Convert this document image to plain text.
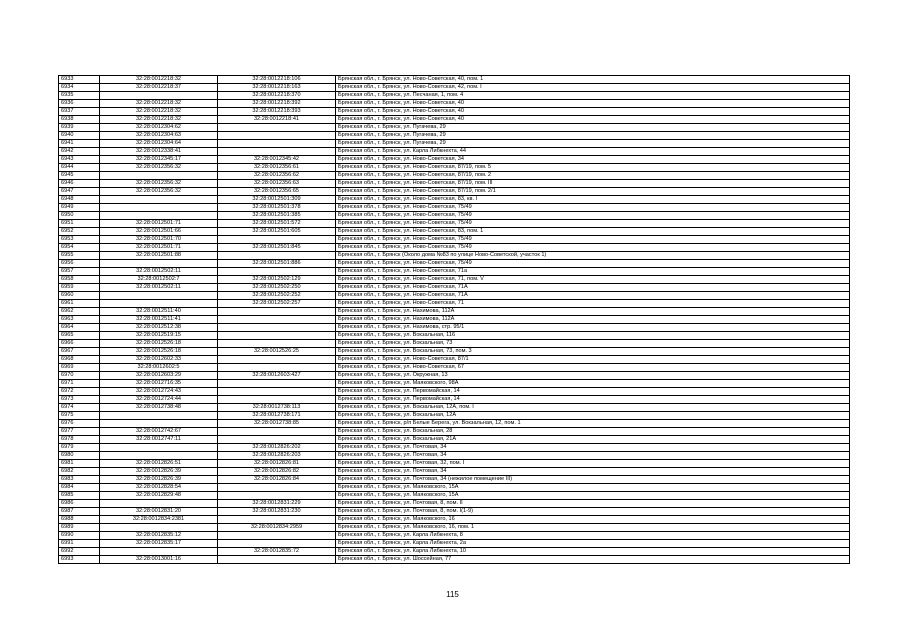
6933	32:28:0012218:32	32:28:0012218:106	Брянская обл., г. Брянск, ул. Ново-Советская, 40, пом. 1
6934	32:28:0012218:37	32:28:0012218:163	Брянская обл., г. Брянск, ул. Ново-Советская, 42, пом. I
6935		32:28:0012218:370	Брянская обл., г. Брянск, ул. Песчаная, 1, пом. 4
6936	32:28:0012218:32	32:28:0012218:392	Брянская обл., г. Брянск, ул. Ново-Советская, 40
6937	32:28:0012218:32	32:28:0012218:393	Брянская обл., г. Брянск, ул. Ново-Советская, 40
6938	32:28:0012218:32	32:28:0012218:41	Брянская обл., г. Брянск, ул. Ново-Советская, 40
6939	32:28:0012304:62		Брянская обл., г. Брянск, ул. Пугачева, 29
6940	32:28:0012304:63		Брянская обл., г. Брянск, ул. Пугачева, 29
6941	32:28:0012304:64		Брянская обл., г. Брянск, ул. Пугачева, 29
6942	32:28:0012338:41		Брянская обл., г. Брянск, ул. Карла Либкнехта, 44
6943	32:28:0012345:17	32:28:0012345:42	Брянская обл., г. Брянск, ул. Ново-Советская, 34
6944	32:28:0012356:32	32:28:0012356:61	Брянская обл., г. Брянск, ул. Ново-Советская, 87/19, пом. 5
6945		32:28:0012356:62	Брянская обл., г. Брянск, ул. Ново-Советская, 87/19, пом. 2
6946	32:28:0012356:32	32:28:0012356:63	Брянская обл., г. Брянск, ул. Ново-Советская, 87/19, пом. III
6947	32:28:0012356:32	32:28:0012356:65	Брянская обл., г. Брянск, ул. Ново-Советская, 87/19, пом. 2/1
6948		32:28:0012501:309	Брянская обл., г. Брянск, ул. Ново-Советская, 83, кв. I
6949		32:28:0012501:378	Брянская обл., г. Брянск, ул. Ново-Советская, 75/49
6950		32:28:0012501:385	Брянская обл., г. Брянск, ул. Ново-Советская, 75/49
6951	32:28:0012501:71	32:28:0012501:572	Брянская обл., г. Брянск, ул. Ново-Советская, 75/49
6952	32:28:0012501:66	32:28:0012501:605	Брянская обл., г. Брянск, ул. Ново-Советская, 83, пом. 1
6953	32:28:0012501:70		Брянская обл., г. Брянск, ул. Ново-Советская, 75/49
6954	32:28:0012501:71	32:28:0012501:845	Брянская обл., г. Брянск, ул. Ново-Советская, 75/49
6955	32:28:0012501:88		Брянская обл., г. Брянск (Около дома №83 по улице Ново-Советской, участок 1)
6956		32:28:0012501:886	Брянская обл., г. Брянск, ул. Ново-Советская, 75/49
6957	32:28:0012502:11		Брянская обл., г. Брянск, ул. Ново-Советская, 71а
6958	32:28:0012502:7	32:28:0012502:129	Брянская обл., г. Брянск, ул. Ново-Советская, 71, пом. V
6959	32:28:0012502:11	32:28:0012502:250	Брянская обл., г. Брянск, ул. Ново-Советская, 71А
6960		32:28:0012502:252	Брянская обл., г. Брянск, ул. Ново-Советская, 71А
6961		32:28:0012502:257	Брянская обл., г. Брянск, ул. Ново-Советская, 71
6962	32:28:0012511:40		Брянская обл., г. Брянск, ул. Нахимова, 112А
6963	32:28:0012511:41		Брянская обл., г. Брянск, ул. Нахимова, 112А
6964	32:28:0012512:38		Брянская обл., г. Брянск, ул. Нахимова, стр. 95/1
6965	32:28:0012519:15		Брянская обл., г. Брянск, ул. Вокзальная, 116
6966	32:28:0012526:18		Брянская обл., г. Брянск, ул. Вокзальная, 73
6967	32:28:0012526:18	32:28:0012526:25	Брянская обл., г. Брянск, ул. Вокзальная, 73, пом. 3
6968	32:28:0012602:33		Брянская обл., г. Брянск, ул. Ново-Советская, 87/1
6969	32:28:0012602:5		Брянская обл., г. Брянск, ул. Ново-Советская, 67
6970	32:28:0012603:29	32:28:0012603:427	Брянская обл., г. Брянск, ул. Окружная, 13
6971	32:28:0012716:35		Брянская обл., г. Брянск, ул. Маяковского, 98А
6972	32:28:0012724:43		Брянская обл., г. Брянск, ул. Первомайская, 14
6973	32:28:0012724:44		Брянская обл., г. Брянск, ул. Первомайская, 14
6974	32:28:0012738:48	32:28:0012738:113	Брянская обл., г. Брянск, ул. Вокзальная, 12А, пом. I
6975		32:28:0012738:171	Брянская обл., г. Брянск, ул. Вокзальная, 12А
6976		32:28:0012738:85	Брянская обл., г. Брянск, р/п Белые Берега, ул. Вокзальная, 12, пом. 1
6977	32:28:0012742:67		Брянская обл., г. Брянск, ул. Вокзальная, 28
6978	32:28:0012747:11		Брянская обл., г. Брянск, ул. Вокзальная, 21А
6979		32:28:0012826:202	Брянская обл., г. Брянск, ул. Почтовая, 34
6980		32:28:0012826:203	Брянская обл., г. Брянск, ул. Почтовая, 34
6981	32:28:0012826:51	32:28:0012826:81	Брянская обл., г. Брянск, ул. Почтовая, 32, пом. I
6982	32:28:0012826:39	32:28:0012826:82	Брянская обл., г. Брянск, ул. Почтовая, 34
6983	32:28:0012826:39	32:28:0012826:84	Брянская обл., г. Брянск, ул. Почтовая, 34 (нежилое помещение III)
6984	32:28:0012828:54		Брянская обл., г. Брянск, ул. Маяковского, 15А
6985	32:28:0012829:48		Брянская обл., г. Брянск, ул. Маяковского, 15А
6986		32:28:0012831:229	Брянская обл., г. Брянск, ул. Почтовая, 8, пом. II
6987	32:28:0012831:20	32:28:0012831:230	Брянская обл., г. Брянск, ул. Почтовая, 8, пом. I(1-9)
6988	32:28:0012834:2381		Брянская обл., г. Брянск, ул. Маяковского, 16
6989		32:28:0012834:2959	Брянская обл., г. Брянск, ул. Маяковского, 16, пом. 1
6990	32:28:0012835:12		Брянская обл., г. Брянск, ул. Карла Либкнехта, 8
6991	32:28:0012835:17		Брянская обл., г. Брянск, ул. Карла Либкнехта, 2а
6992		32:28:0012835:72	Брянская обл., г. Брянск, ул. Карла Либкнехта, 10
6993	32:28:0013001:16		Брянская обл., г. Брянск, ул. Шоссейная, 77
115
